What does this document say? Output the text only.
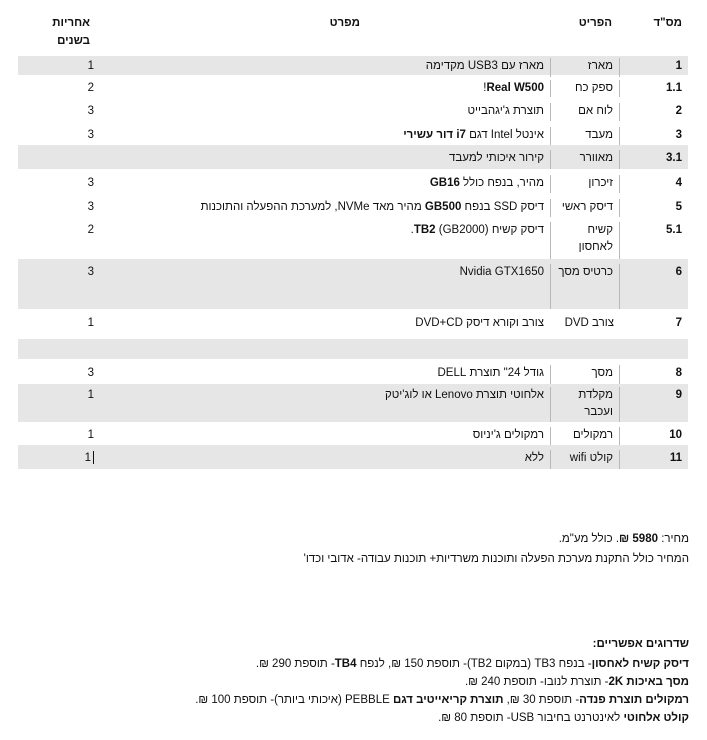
מס"ד
הפריט
מפרט
אחריות
בשנים
1
מארז
מארז עם USB3 מקדימה
1
1.1
ספק כח
Real W500!
2
2
לוח אם
תוצרת ג'יגהבייט
3
3
מעבד
אינטל Intel דגם i7 דור עשירי
3
3.1
מאוורר
קירור איכותי למעבד
4
זיכרון
מהיר, בנפח כולל GB16
3
5
דיסק ראשי
דיסק SSD בנפח GB500 מהיר מאד NVMe, למערכת ההפעלה והתוכנות
3
5.1
קשיח
לאחסון
דיסק קשיח TB2 (GB2000).
2
6
כרטיס מסך
Nvidia GTX1650
3
7
צורב DVD
צורב וקורא דיסק DVD+CD
1
8
מסך
גודל 24" תוצרת DELL
3
9
מקלדת
ועכבר
אלחוטי תוצרת Lenovo או לוג'יטק
1
10
רמקולים
רמקולים ג'יניוס
1
11
קולט wifi
ללא
1
מחיר: 5980 ₪. כולל מע"מ.
המחיר כולל התקנת מערכת הפעלה ותוכנות משרדיות+ תוכנות עבודה- אדובי וכדו'
שדרוגים אפשריים:
דיסק קשיח לאחסון- בנפח TB3 (במקום TB2)- תוספת 150 ₪, לנפח TB4- תוספת 290 ₪.
מסך באיכות 2K- תוצרת לנובו- תוספת 240 ₪.
רמקולים תוצרת פנדה- תוספת 30 ₪, תוצרת קריאייטיב דגם PEBBLE (איכותי ביותר)- תוספת 100 ₪.
קולט אלחוטי לאינטרנט בחיבור USB- תוספת 80 ₪.
